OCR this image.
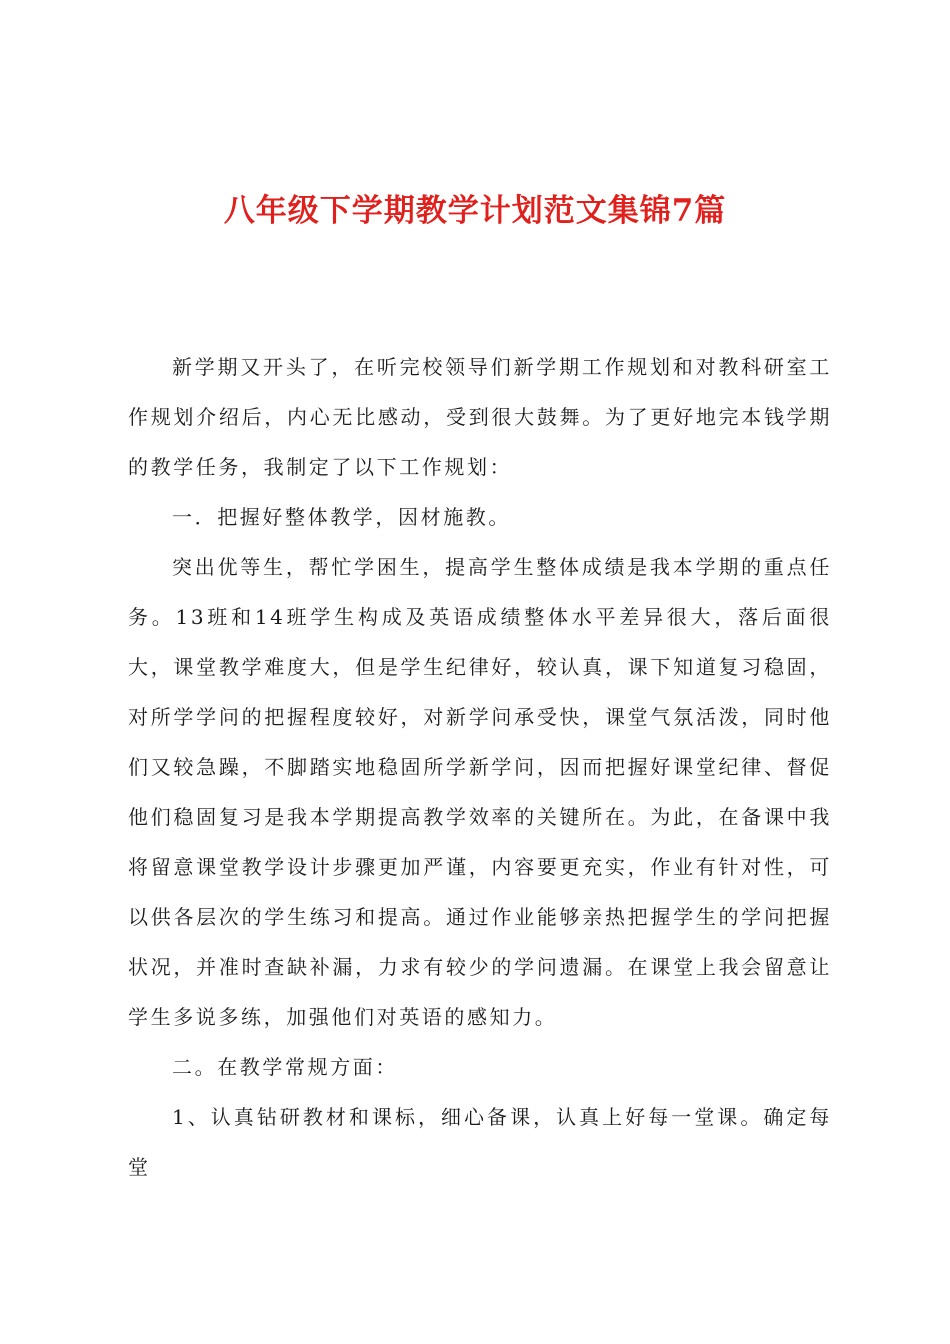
八年级下学期教学计划范文集锦7篇

新学期又开头了，在听完校领导们新学期工作规划和对教科研室工作规划介绍后，内心无比感动，受到很大鼓舞。为了更好地完本钱学期的教学任务，我制定了以下工作规划：

一．把握好整体教学，因材施教。

突出优等生，帮忙学困生，提高学生整体成绩是我本学期的重点任务。13班和14班学生构成及英语成绩整体水平差异很大，落后面很大，课堂教学难度大，但是学生纪律好，较认真，课下知道复习稳固，对所学学问的把握程度较好，对新学问承受快，课堂气氛活泼，同时他们又较急躁，不脚踏实地稳固所学新学问，因而把握好课堂纪律、督促他们稳固复习是我本学期提高教学效率的关键所在。为此，在备课中我将留意课堂教学设计步骤更加严谨，内容要更充实，作业有针对性，可以供各层次的学生练习和提高。通过作业能够亲热把握学生的学问把握状况，并准时查缺补漏，力求有较少的学问遗漏。在课堂上我会留意让学生多说多练，加强他们对英语的感知力。

二。在教学常规方面：

1、认真钻研教材和课标，细心备课，认真上好每一堂课。确定每堂
